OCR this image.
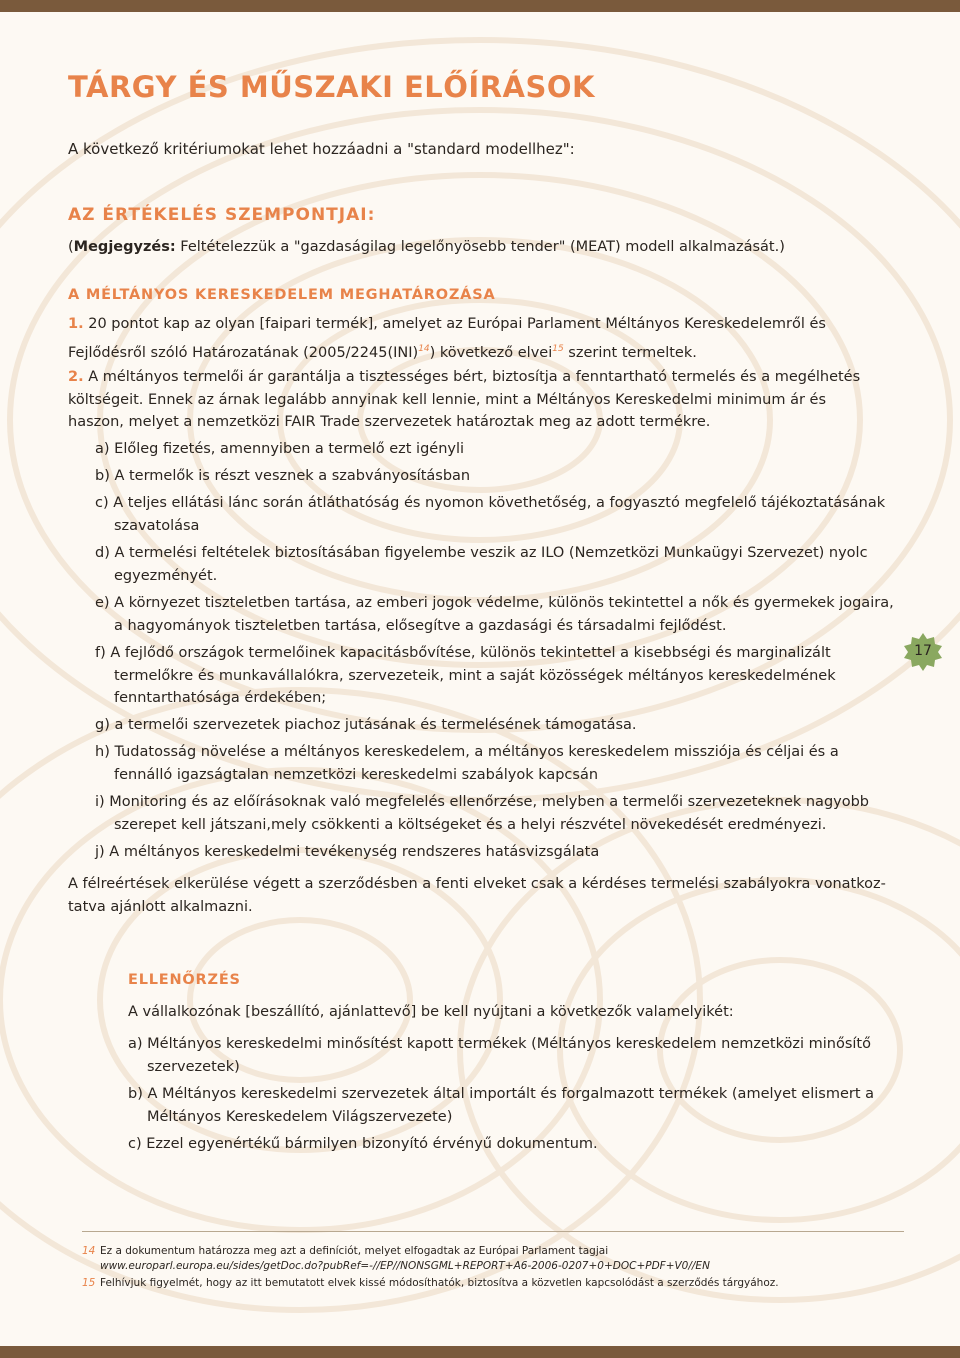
TÁRGY ÉS MŰSZAKI ELŐÍRÁSOK
A következő kritériumokat lehet hozzáadni a "standard modellhez":
AZ ÉRTÉKELÉS SZEMPONTJAI:
(Megjegyzés: Feltételezzük a "gazdaságilag legelőnyösebb tender" (MEAT) modell alkalmazását.)
A MÉLTÁNYOS KERESKEDELEM MEGHATÁROZÁSA
1. 20 pontot kap az olyan [faipari termék], amelyet az Európai Parlament Méltányos Kereskedelemről és
Fejlődésről szóló Határozatának (2005/2245(INI)$^{14}$) következő elvei$^{15}$ szerint termeltek.
2. A méltányos termelői ár garantálja a tisztességes bért, biztosítja a fenntartható termelés és a megélhetés
költségeit. Ennek az árnak legalább annyinak kell lennie, mint a Méltányos Kereskedelmi minimum ár és
haszon, melyet a nemzetközi FAIR Trade szervezetek határoztak meg az adott termékre.
a) Előleg fizetés, amennyiben a termelő ezt igényli
b) A termelők is részt vesznek a szabványosításban
c) A teljes ellátási lánc során átláthatóság és nyomon követhetőség, a fogyasztó megfelelő tájékoztatásának
szavatolása
d) A termelési feltételek biztosításában figyelembe veszik az ILO (Nemzetközi Munkaügyi Szervezet) nyolc
egyezményét.
e) A környezet tiszteletben tartása, az emberi jogok védelme, különös tekintettel a nők és gyermekek jogaira,
a hagyományok tiszteletben tartása, elősegítve a gazdasági és társadalmi fejlődést.
f) A fejlődő országok termelőinek kapacitásbővítése, különös tekintettel a kisebbségi és marginalizált
termelőkre és munkavállalókra, szervezeteik, mint a saját közösségek méltányos kereskedelmének
fenntarthatósága érdekében;
g) a termelői szervezetek piachoz jutásának és termelésének támogatása.
h) Tudatosság növelése a méltányos kereskedelem, a méltányos kereskedelem missziója és céljai és a
fennálló igazságtalan nemzetközi kereskedelmi szabályok kapcsán
i) Monitoring és az előírásoknak való megfelelés ellenőrzése, melyben a termelői szervezeteknek nagyobb
szerepet kell játszani,mely csökkenti a költségeket és a helyi részvétel növekedését eredményezi.
j) A méltányos kereskedelmi tevékenység rendszeres hatásvizsgálata
A félreértések elkerülése végett a szerződésben a fenti elveket csak a kérdéses termelési szabályokra vonatkoz-
tatva ajánlott alkalmazni.
ELLENŐRZÉS
A vállalkozónak [beszállító, ajánlattevő] be kell nyújtani a következők valamelyikét:
a) Méltányos kereskedelmi minősítést kapott termékek (Méltányos kereskedelem nemzetközi minősítő
szervezetek)
b) A Méltányos kereskedelmi szervezetek által importált és forgalmazott termékek (amelyet elismert a
Méltányos Kereskedelem Világszervezete)
c) Ezzel egyenértékű bármilyen bizonyító érvényű dokumentum.
17
14 Ez a dokumentum határozza meg azt a definíciót, melyet elfogadtak az Európai Parlament tagjai
www.europarl.europa.eu/sides/getDoc.do?pubRef=-//EP//NONSGML+REPORT+A6-2006-0207+0+DOC+PDF+V0//EN
15 Felhívjuk figyelmét, hogy az itt bemutatott elvek kissé módosíthatók, biztosítva a közvetlen kapcsolódást a szerződés tárgyához.
